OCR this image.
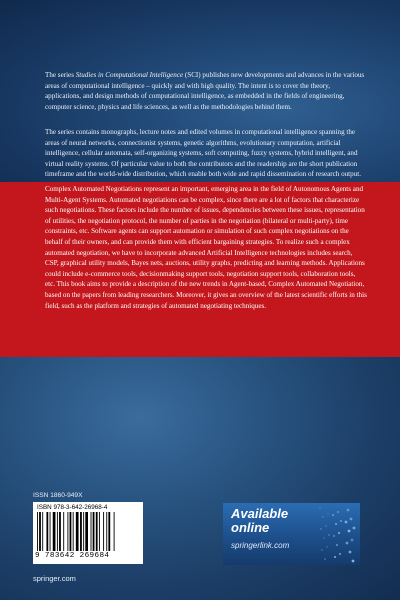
The series Studies in Computational Intelligence (SCI) publishes new developments and advances in the various areas of computational intelligence – quickly and with high quality. The intent is to cover the theory, applications, and design methods of computational intelligence, as embedded in the fields of engineering, computer science, physics and life sciences, as well as the methodologies behind them.

The series contains monographs, lecture notes and edited volumes in computational intelligence spanning the areas of neural networks, connectionist systems, genetic algorithms, evolutionary computation, artificial intelligence, cellular automata, self-organizing systems, soft computing, fuzzy systems, hybrid intelligent, and virtual reality systems. Of particular value to both the contributors and the readership are the short publication timeframe and the world-wide distribution, which enable both wide and rapid dissemination of research output.

Complex Automated Negotiations represent an important, emerging area in the field of Autonomous Agents and Multi-Agent Systems. Automated negotiations can be complex, since there are a lot of factors that characterize such negotiations. These factors include the number of issues, dependencies between these issues, representation of utilities, the negotiation protocol, the number of parties in the negotiation (bilateral or multi-party), time constraints, etc. Software agents can support automation or simulation of such complex negotiations on the behalf of their owners, and can provide them with efficient bargaining strategies. To realize such a complex automated negotiation, we have to incorporate advanced Artificial Intelligence technologies includes search, CSP, graphical utility models, Bayes nets, auctions, utility graphs, predicting and learning methods. Applications could include e-commerce tools, decisionmaking support tools, negotiation support tools, collaboration tools, etc. This book aims to provide a description of the new trends in Agent-based, Complex Automated Negotiation, based on the papers from leading researchers. Moreover, it gives an overview of the latest scientific efforts in this field, such as the platform and strategies of automated negotiating techniques.

ISSN 1860-949X
ISBN 978-3-642-26968-4
9 783642 269684
Available
online
springerlink.com
springer.com
